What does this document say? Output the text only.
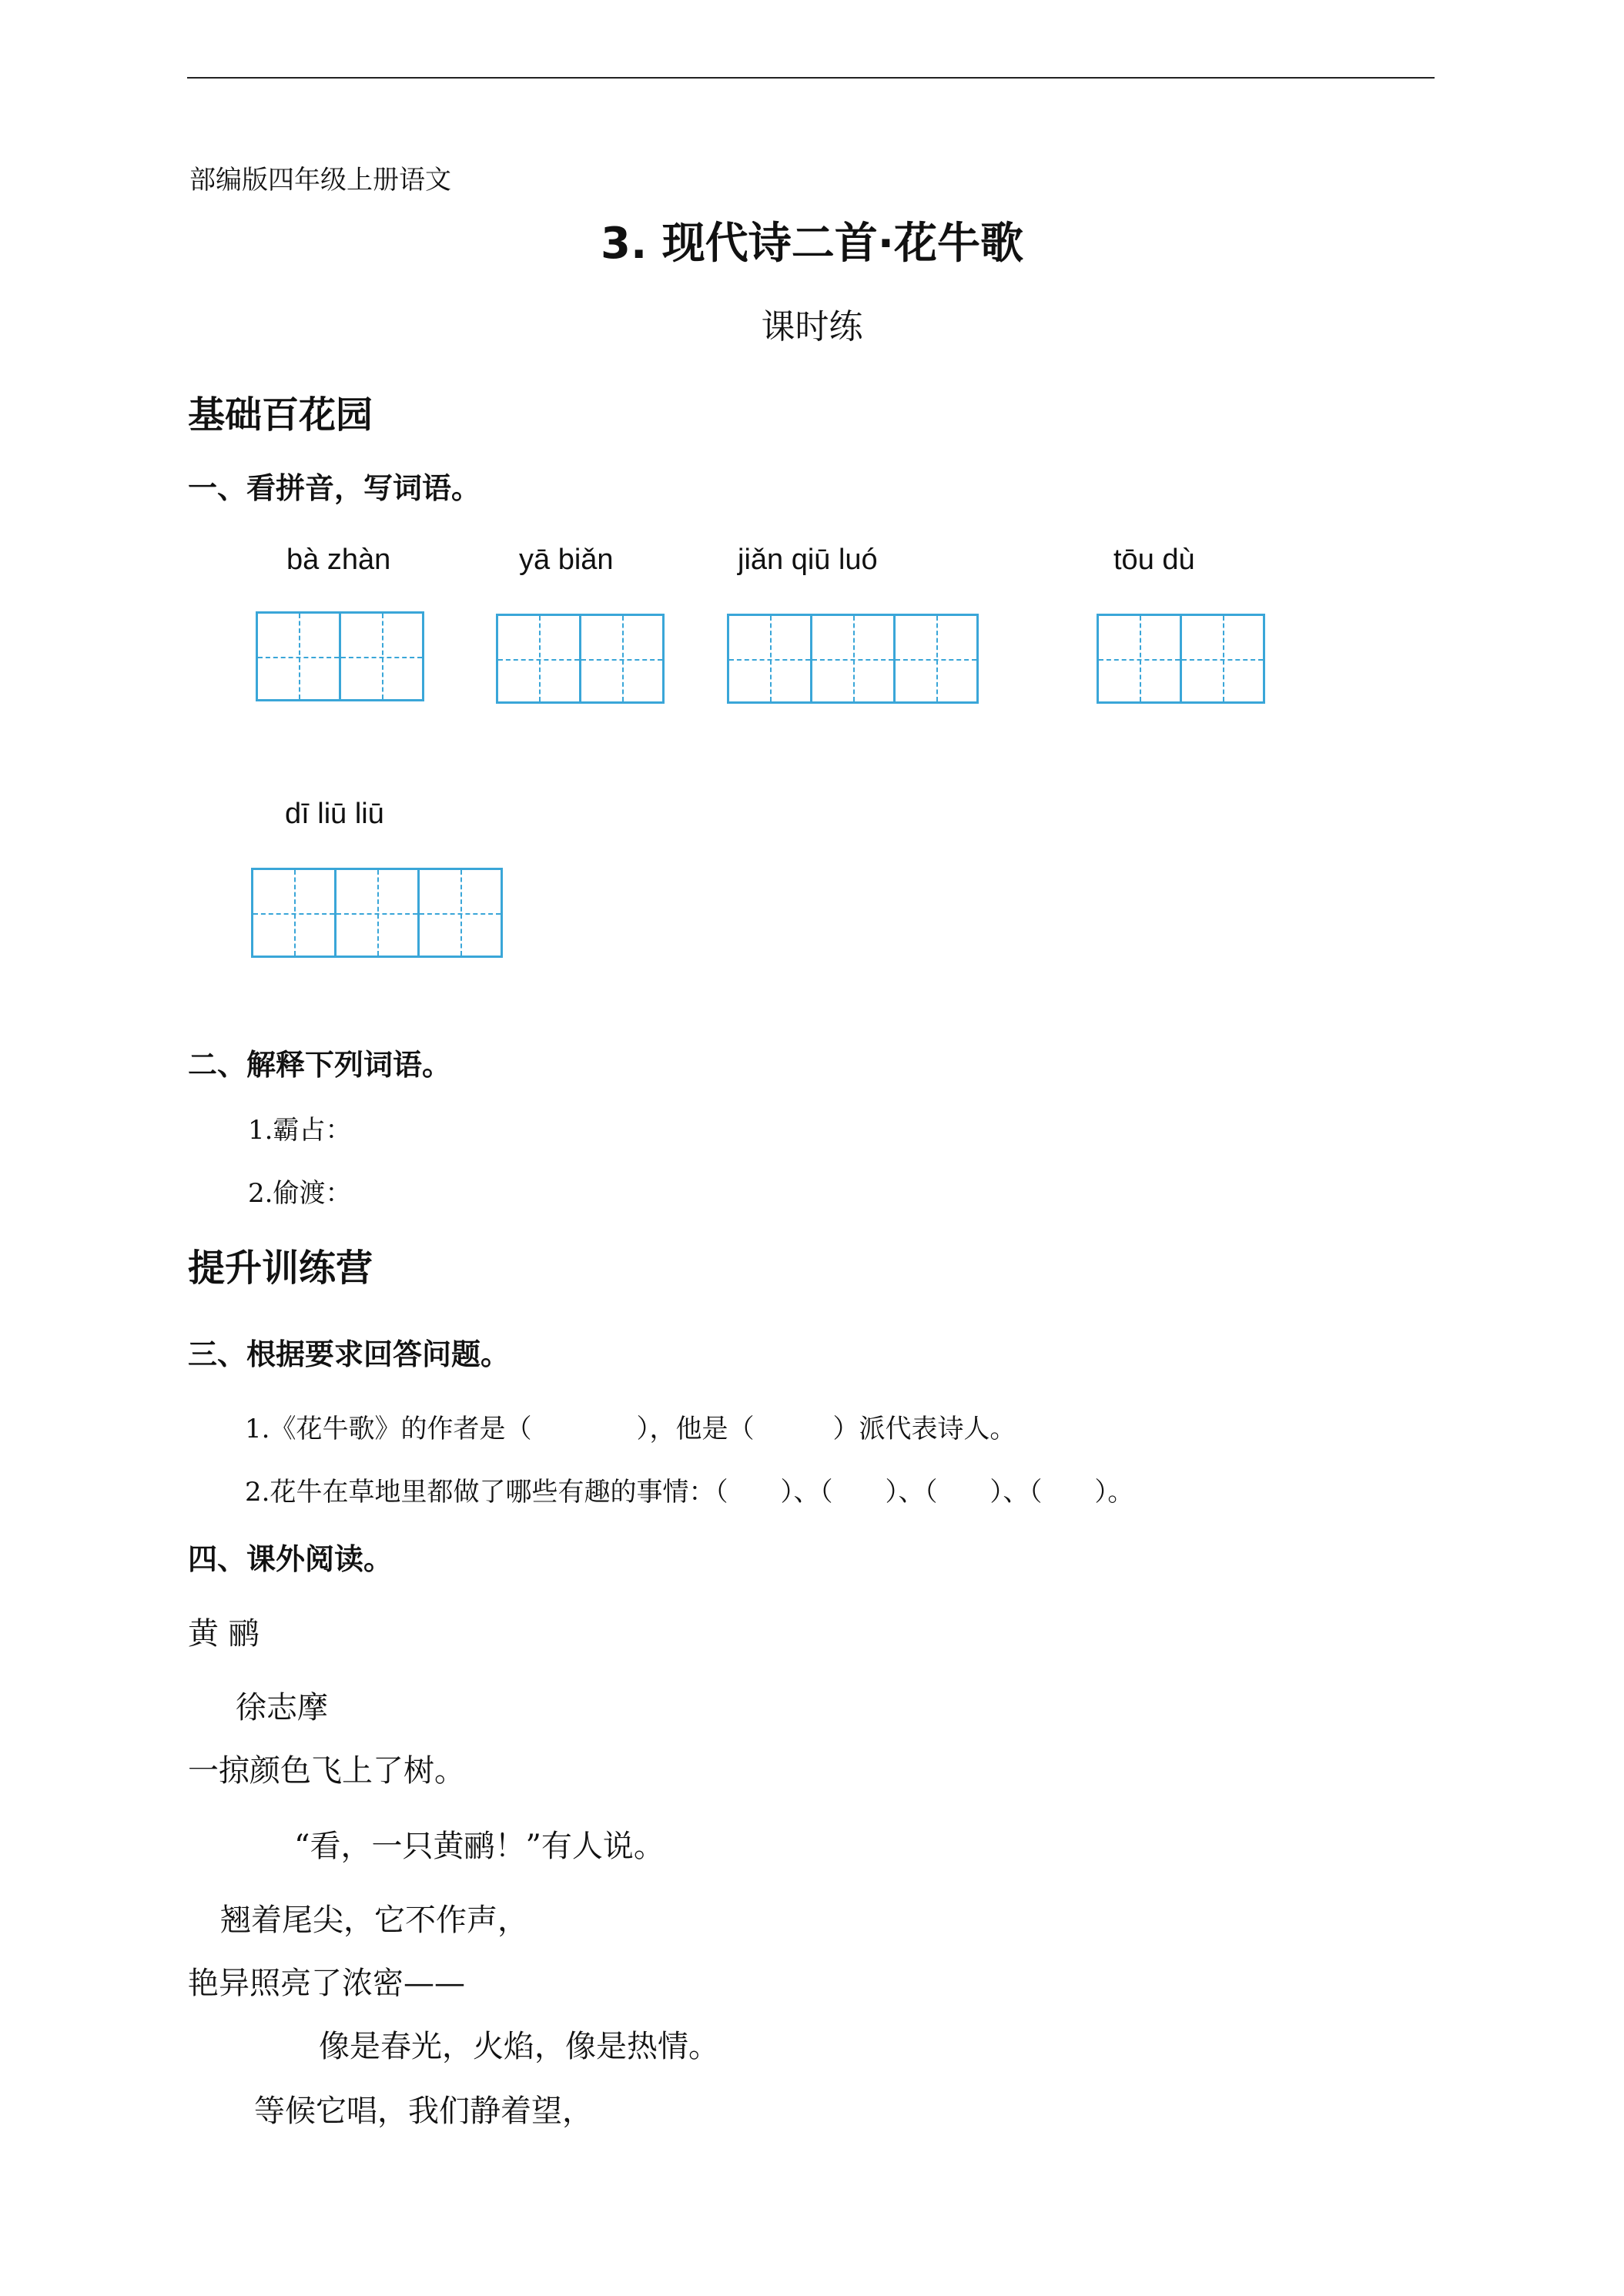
部编版四年级上册语文
3. 现代诗二首·花牛歌
课时练
基础百花园
一、看拼音，写词语。
bà zhàn	yā biǎn	jiǎn qiū luó	tōu dù
dī liū liū
二、解释下列词语。
1.霸占：
2.偷渡：
提升训练营
三、根据要求回答问题。
1.《花牛歌》的作者是（　　　　），他是（　　　）派代表诗人。
2.花牛在草地里都做了哪些有趣的事情：（　　）、（　　）、（　　）、（　　）。
四、课外阅读。
黄 鹂
徐志摩
一掠颜色飞上了树。
“看，一只黄鹂！”有人说。
翘着尾尖，它不作声，
艳异照亮了浓密——
像是春光，火焰，像是热情。
等候它唱，我们静着望，
